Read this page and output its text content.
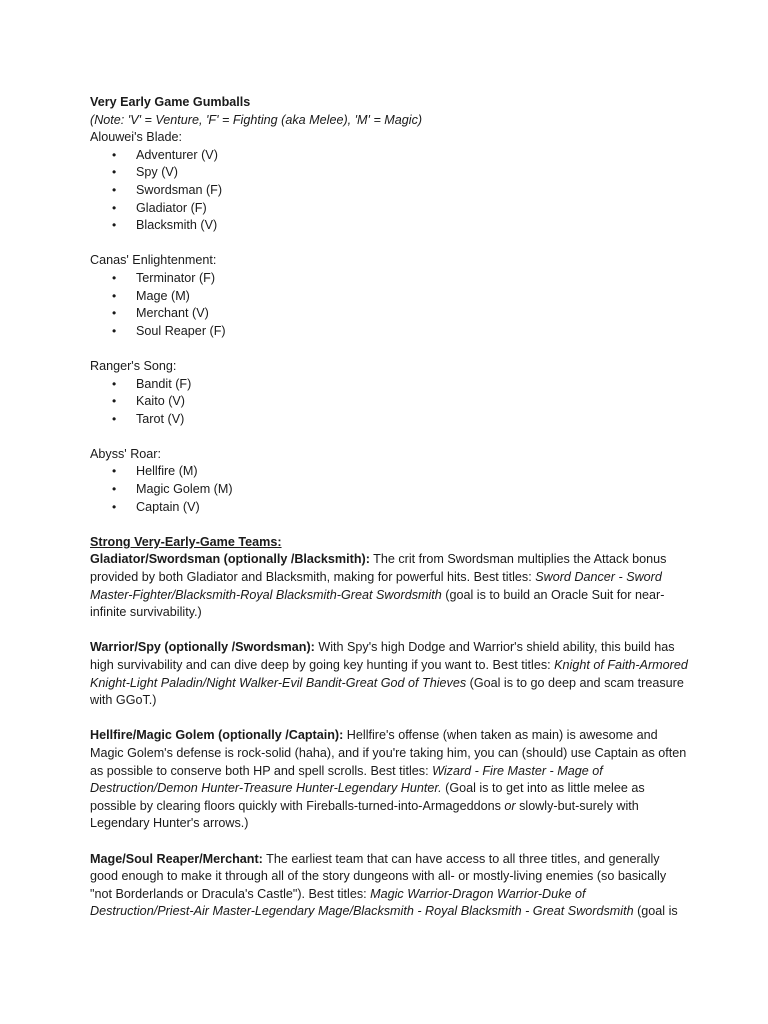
Very Early Game Gumballs
(Note: 'V' = Venture, 'F' = Fighting (aka Melee), 'M' = Magic)
Alouwei's Blade:
• Adventurer (V)
• Spy (V)
• Swordsman (F)
• Gladiator (F)
• Blacksmith (V)
Canas' Enlightenment:
• Terminator (F)
• Mage (M)
• Merchant (V)
• Soul Reaper (F)
Ranger's Song:
• Bandit (F)
• Kaito (V)
• Tarot (V)
Abyss' Roar:
• Hellfire (M)
• Magic Golem (M)
• Captain (V)
Strong Very-Early-Game Teams:
Gladiator/Swordsman (optionally /Blacksmith): The crit from Swordsman multiplies the Attack bonus provided by both Gladiator and Blacksmith, making for powerful hits. Best titles: Sword Dancer - Sword Master-Fighter/Blacksmith-Royal Blacksmith-Great Swordsmith (goal is to build an Oracle Suit for near-infinite survivability.)
Warrior/Spy (optionally /Swordsman): With Spy's high Dodge and Warrior's shield ability, this build has high survivability and can dive deep by going key hunting if you want to. Best titles: Knight of Faith-Armored Knight-Light Paladin/Night Walker-Evil Bandit-Great God of Thieves (Goal is to go deep and scam treasure with GGoT.)
Hellfire/Magic Golem (optionally /Captain): Hellfire's offense (when taken as main) is awesome and Magic Golem's defense is rock-solid (haha), and if you're taking him, you can (should) use Captain as often as possible to conserve both HP and spell scrolls. Best titles: Wizard - Fire Master - Mage of Destruction/Demon Hunter-Treasure Hunter-Legendary Hunter. (Goal is to get into as little melee as possible by clearing floors quickly with Fireballs-turned-into-Armageddons or slowly-but-surely with Legendary Hunter's arrows.)
Mage/Soul Reaper/Merchant: The earliest team that can have access to all three titles, and generally good enough to make it through all of the story dungeons with all- or mostly-living enemies (so basically "not Borderlands or Dracula's Castle"). Best titles: Magic Warrior-Dragon Warrior-Duke of Destruction/Priest-Air Master-Legendary Mage/Blacksmith - Royal Blacksmith - Great Swordsmith (goal is
